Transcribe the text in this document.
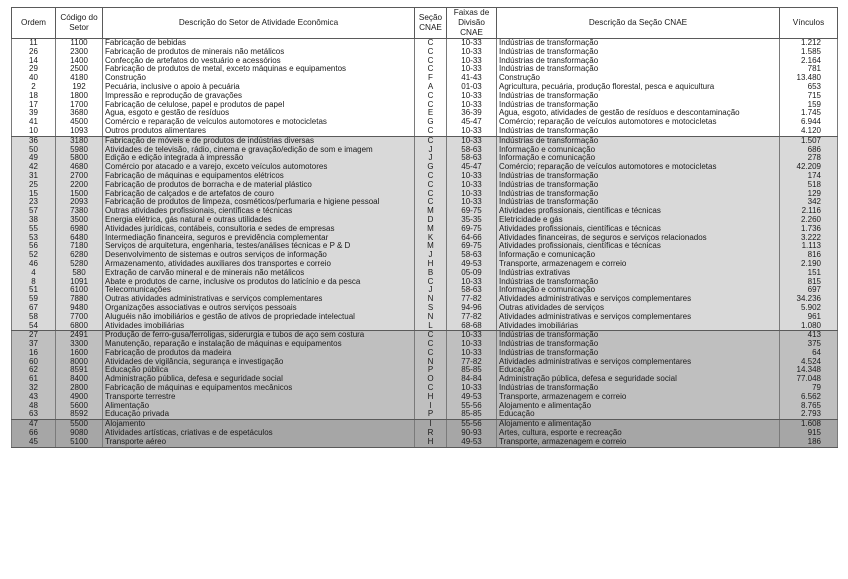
Ordem	Código do Setor	Descrição do Setor de Atividade Econômica	Seção CNAE	Faixas de Divisão CNAE	Descrição da Seção CNAE	Vínculos
11	1100	Fabricação de bebidas	C	10-33	Indústrias de transformação	1.212
26	2300	Fabricação de produtos de minerais não metálicos	C	10-33	Indústrias de transformação	1.585
14	1400	Confecção de artefatos do vestuário e acessórios	C	10-33	Indústrias de transformação	2.164
29	2500	Fabricação de produtos de metal, exceto máquinas e equipamentos	C	10-33	Indústrias de transformação	781
40	4180	Construção	F	41-43	Construção	13.480
2	192	Pecuária, inclusive o apoio à pecuária	A	01-03	Agricultura, pecuária, produção florestal, pesca e aquicultura	653
18	1800	Impressão e reprodução de gravações	C	10-33	Indústrias de transformação	715
17	1700	Fabricação de celulose, papel e produtos de papel	C	10-33	Indústrias de transformação	159
39	3680	Água, esgoto e gestão de resíduos	E	36-39	Água, esgoto, atividades de gestão de resíduos e descontaminação	1.745
41	4500	Comércio e reparação de veículos automotores e motocicletas	G	45-47	Comércio; reparação de veículos automotores e motocicletas	6.944
10	1093	Outros produtos alimentares	C	10-33	Indústrias de transformação	4.120
36	3180	Fabricação de móveis e de produtos de indústrias diversas	C	10-33	Indústrias de transformação	1.507
50	5980	Atividades de televisão, rádio, cinema e gravação/edição de som e imagem	J	58-63	Informação e comunicação	686
49	5800	Edição e edição integrada à impressão	J	58-63	Informação e comunicação	278
42	4680	Comércio por atacado e a varejo, exceto veículos automotores	G	45-47	Comércio; reparação de veículos automotores e motocicletas	42.209
31	2700	Fabricação de máquinas e equipamentos elétricos	C	10-33	Indústrias de transformação	174
25	2200	Fabricação de produtos de borracha e de material plástico	C	10-33	Indústrias de transformação	518
15	1500	Fabricação de calçados e de artefatos de couro	C	10-33	Indústrias de transformação	129
23	2093	Fabricação de produtos de limpeza, cosméticos/perfumaria e higiene pessoal	C	10-33	Indústrias de transformação	342
57	7380	Outras atividades profissionais, científicas e técnicas	M	69-75	Atividades profissionais, científicas e técnicas	2.116
38	3500	Energia elétrica, gás natural e outras utilidades	D	35-35	Eletricidade e gás	2.260
55	6980	Atividades jurídicas, contábeis, consultoria e sedes de empresas	M	69-75	Atividades profissionais, científicas e técnicas	1.736
53	6480	Intermediação financeira, seguros e previdência complementar	K	64-66	Atividades financeiras, de seguros e serviços relacionados	3.222
56	7180	Serviços de arquitetura, engenharia, testes/análises técnicas e P & D	M	69-75	Atividades profissionais, científicas e técnicas	1.113
52	6280	Desenvolvimento de sistemas e outros serviços de informação	J	58-63	Informação e comunicação	816
46	5280	Armazenamento, atividades auxiliares dos transportes e correio	H	49-53	Transporte, armazenagem e correio	2.190
4	580	Extração de carvão mineral e de minerais não metálicos	B	05-09	Indústrias extrativas	151
8	1091	Abate e produtos de carne, inclusive os produtos do laticínio e da pesca	C	10-33	Indústrias de transformação	815
51	6100	Telecomunicações	J	58-63	Informação e comunicação	697
59	7880	Outras atividades administrativas e serviços complementares	N	77-82	Atividades administrativas e serviços complementares	34.236
67	9480	Organizações associativas e outros serviços pessoais	S	94-96	Outras atividades de serviços	5.902
58	7700	Aluguéis não imobiliários e gestão de ativos de propriedade intelectual	N	77-82	Atividades administrativas e serviços complementares	961
54	6800	Atividades imobiliárias	L	68-68	Atividades imobiliárias	1.080
27	2491	Produção de ferro-gusa/ferroligas, siderurgia e tubos de aço sem costura	C	10-33	Indústrias de transformação	413
37	3300	Manutenção, reparação e instalação de máquinas e equipamentos	C	10-33	Indústrias de transformação	375
16	1600	Fabricação de produtos da madeira	C	10-33	Indústrias de transformação	64
60	8000	Atividades de vigilância, segurança e investigação	N	77-82	Atividades administrativas e serviços complementares	4.524
62	8591	Educação pública	P	85-85	Educação	14.348
61	8400	Administração pública, defesa e seguridade social	O	84-84	Administração pública, defesa e seguridade social	77.048
32	2800	Fabricação de máquinas e equipamentos mecânicos	C	10-33	Indústrias de transformação	79
43	4900	Transporte terrestre	H	49-53	Transporte, armazenagem e correio	6.562
48	5600	Alimentação	I	55-56	Alojamento e alimentação	8.765
63	8592	Educação privada	P	85-85	Educação	2.793
47	5500	Alojamento	I	55-56	Alojamento e alimentação	1.608
66	9080	Atividades artísticas, criativas e de espetáculos	R	90-93	Artes, cultura, esporte e recreação	915
45	5100	Transporte aéreo	H	49-53	Transporte, armazenagem e correio	186
